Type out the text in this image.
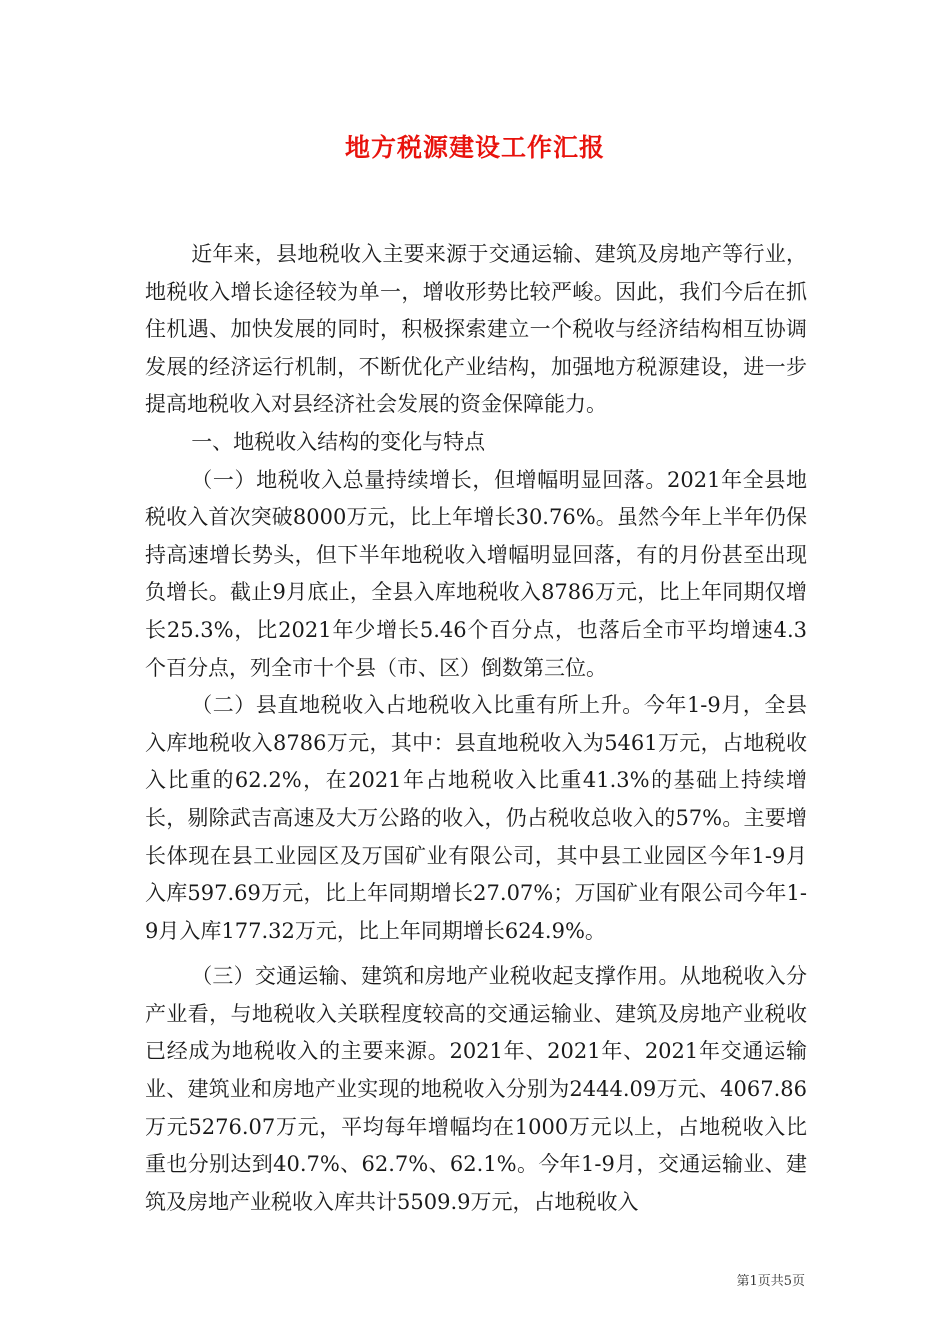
地方税源建设工作汇报

近年来，县地税收入主要来源于交通运输、建筑及房地产等行业，地税收入增长途径较为单一，增收形势比较严峻。因此，我们今后在抓住机遇、加快发展的同时，积极探索建立一个税收与经济结构相互协调发展的经济运行机制，不断优化产业结构，加强地方税源建设，进一步提高地税收入对县经济社会发展的资金保障能力。

一、地税收入结构的变化与特点

（一）地税收入总量持续增长，但增幅明显回落。2021年全县地税收入首次突破8000万元，比上年增长30.76%。虽然今年上半年仍保持高速增长势头，但下半年地税收入增幅明显回落，有的月份甚至出现负增长。截止9月底止，全县入库地税收入8786万元，比上年同期仅增长25.3%，比2021年少增长5.46个百分点，也落后全市平均增速4.3个百分点，列全市十个县（市、区）倒数第三位。

（二）县直地税收入占地税收入比重有所上升。今年1-9月，全县入库地税收入8786万元，其中：县直地税收入为5461万元，占地税收入比重的62.2%，在2021年占地税收入比重41.3%的基础上持续增长，剔除武吉高速及大万公路的收入，仍占税收总收入的57%。主要增长体现在县工业园区及万国矿业有限公司，其中县工业园区今年1-9月入库597.69万元，比上年同期增长27.07%；万国矿业有限公司今年1-9月入库177.32万元，比上年同期增长624.9%。

（三）交通运输、建筑和房地产业税收起支撑作用。从地税收入分产业看，与地税收入关联程度较高的交通运输业、建筑及房地产业税收已经成为地税收入的主要来源。2021年、2021年、2021年交通运输业、建筑业和房地产业实现的地税收入分别为2444.09万元、4067.86万元5276.07万元，平均每年增幅均在1000万元以上，占地税收入比重也分别达到40.7%、62.7%、62.1%。今年1-9月，交通运输业、建筑及房地产业税收入库共计5509.9万元，占地税收入

第1页共5页
